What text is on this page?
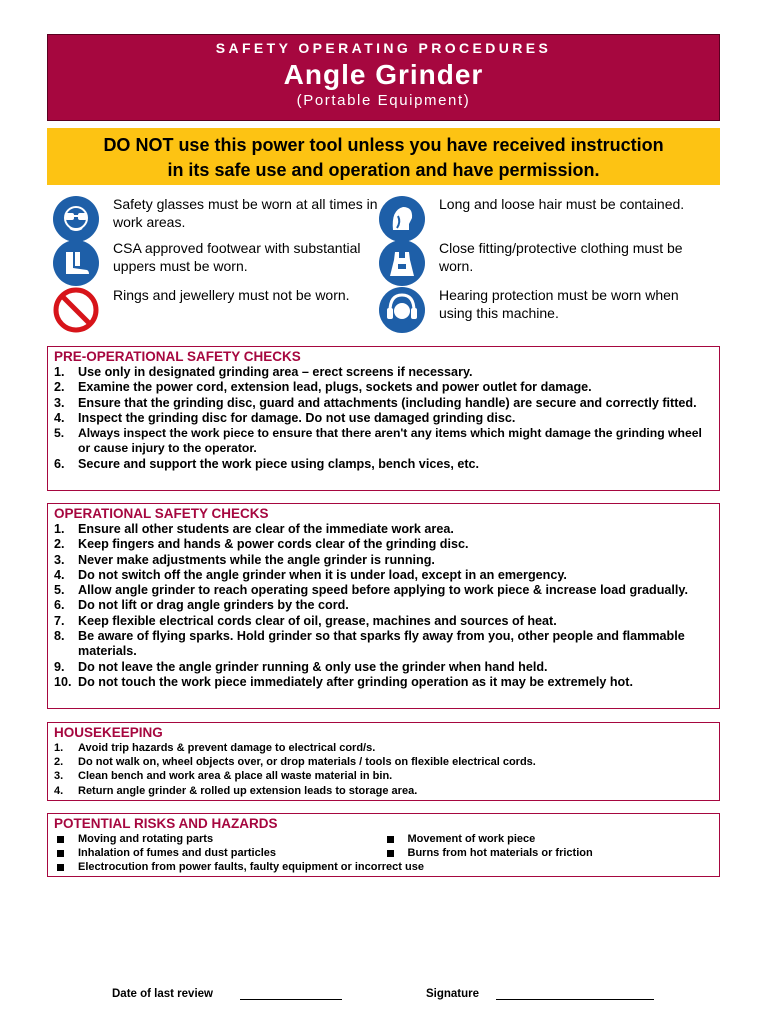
SAFETY OPERATING PROCEDURES
Angle Grinder
(Portable Equipment)
DO NOT use this power tool unless you have received instruction
in its safe use and operation and have permission.
Safety glasses must be worn at all times in work areas.
Long and loose hair must be contained.
CSA approved footwear with substantial uppers must be worn.
Close fitting/protective clothing must be worn.
Rings and jewellery must not be worn.	Hearing protection must be worn when using this machine.
PRE-OPERATIONAL SAFETY CHECKS
1. Use only in designated grinding area – erect screens if necessary.
2. Examine the power cord, extension lead, plugs, sockets and power outlet for damage.
3. Ensure that the grinding disc, guard and attachments (including handle) are secure and correctly fitted.
4. Inspect the grinding disc for damage. Do not use damaged grinding disc.
5. Always inspect the work piece to ensure that there aren't any items which might damage the grinding wheel or cause injury to the operator.
6. Secure and support the work piece using clamps, bench vices, etc.
OPERATIONAL SAFETY CHECKS
1. Ensure all other students are clear of the immediate work area.
2. Keep fingers and hands & power cords clear of the grinding disc.
3. Never make adjustments while the angle grinder is running.
4. Do not switch off the angle grinder when it is under load, except in an emergency.
5. Allow angle grinder to reach operating speed before applying to work piece & increase load gradually.
6. Do not lift or drag angle grinders by the cord.
7. Keep flexible electrical cords clear of oil, grease, machines and sources of heat.
8. Be aware of flying sparks. Hold grinder so that sparks fly away from you, other people and flammable materials.
9. Do not leave the angle grinder running & only use the grinder when hand held.
10. Do not touch the work piece immediately after grinding operation as it may be extremely hot.
HOUSEKEEPING
1. Avoid trip hazards & prevent damage to electrical cord/s.
2. Do not walk on, wheel objects over, or drop materials / tools on flexible electrical cords.
3. Clean bench and work area & place all waste material in bin.
4. Return angle grinder & rolled up extension leads to storage area.
POTENTIAL RISKS AND HAZARDS
Moving and rotating parts
Inhalation of fumes and dust particles
Movement of work piece
Burns from hot materials or friction
Electrocution from power faults, faulty equipment or incorrect use
Date of last review	Signature
